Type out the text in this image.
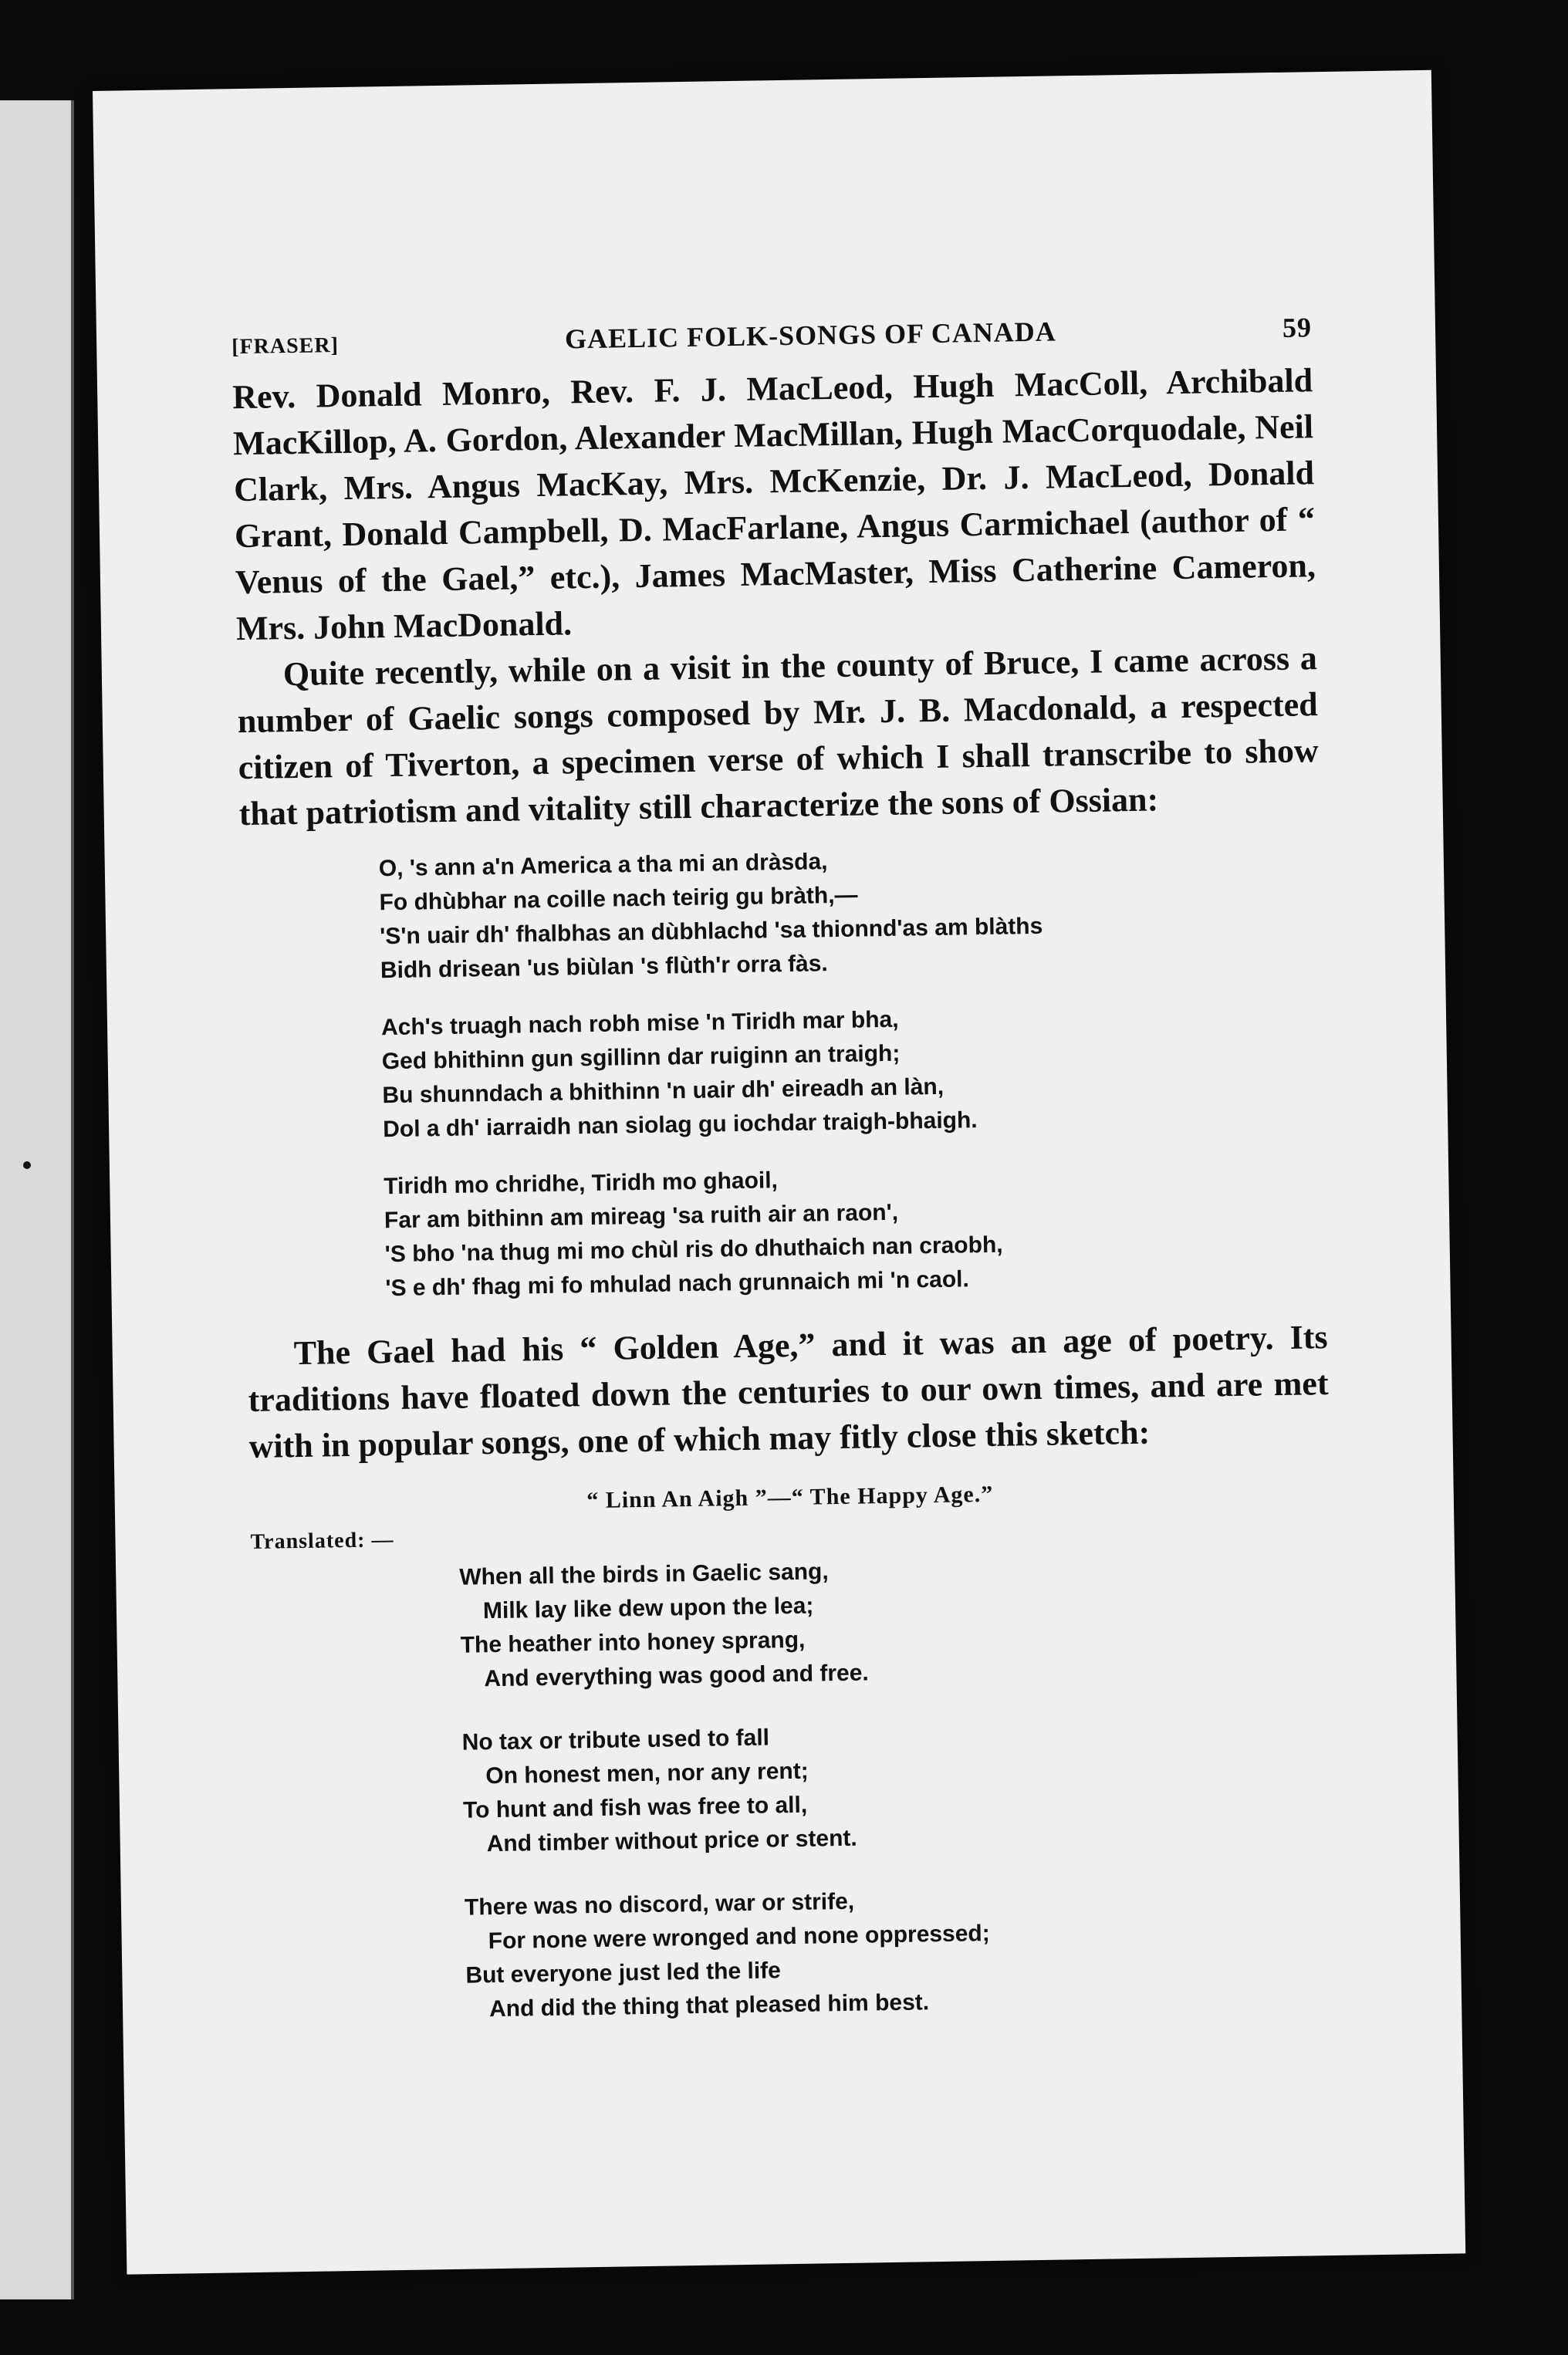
[FRASER]	GAELIC FOLK-SONGS OF CANADA	59

Rev. Donald Monro, Rev. F. J. MacLeod, Hugh MacColl, Archibald MacKillop, A. Gordon, Alexander MacMillan, Hugh MacCorquodale, Neil Clark, Mrs. Angus MacKay, Mrs. McKenzie, Dr. J. MacLeod, Donald Grant, Donald Campbell, D. MacFarlane, Angus Carmichael (author of “ Venus of the Gael,” etc.), James MacMaster, Miss Catherine Cameron, Mrs. John MacDonald.

Quite recently, while on a visit in the county of Bruce, I came across a number of Gaelic songs composed by Mr. J. B. Macdonald, a respected citizen of Tiverton, a specimen verse of which I shall transcribe to show that patriotism and vitality still characterize the sons of Ossian:

O, 's ann a'n America a tha mi an dràsda,
Fo dhùbhar na coille nach teirig gu bràth,—
'S'n uair dh' fhalbhas an dùbhlachd 'sa thionnd'as am blàths
Bidh drisean 'us biùlan 's flùth'r orra fàs.
Ach's truagh nach robh mise 'n Tiridh mar bha,
Ged bhithinn gun sgillinn dar ruiginn an traigh;
Bu shunndach a bhithinn 'n uair dh' eireadh an làn,
Dol a dh' iarraidh nan siolag gu iochdar traigh-bhaigh.
Tiridh mo chridhe, Tiridh mo ghaoil,
Far am bithinn am mireag 'sa ruith air an raon',
'S bho 'na thug mi mo chùl ris do dhuthaich nan craobh,
'S e dh' fhag mi fo mhulad nach grunnaich mi 'n caol.

The Gael had his “ Golden Age,” and it was an age of poetry. Its traditions have floated down the centuries to our own times, and are met with in popular songs, one of which may fitly close this sketch:

“ Linn An Aigh ”—“ The Happy Age.”
Translated: —
When all the birds in Gaelic sang,
Milk lay like dew upon the lea;
The heather into honey sprang,
And everything was good and free.
No tax or tribute used to fall
On honest men, nor any rent;
To hunt and fish was free to all,
And timber without price or stent.
There was no discord, war or strife,
For none were wronged and none oppressed;
But everyone just led the life
And did the thing that pleased him best.
